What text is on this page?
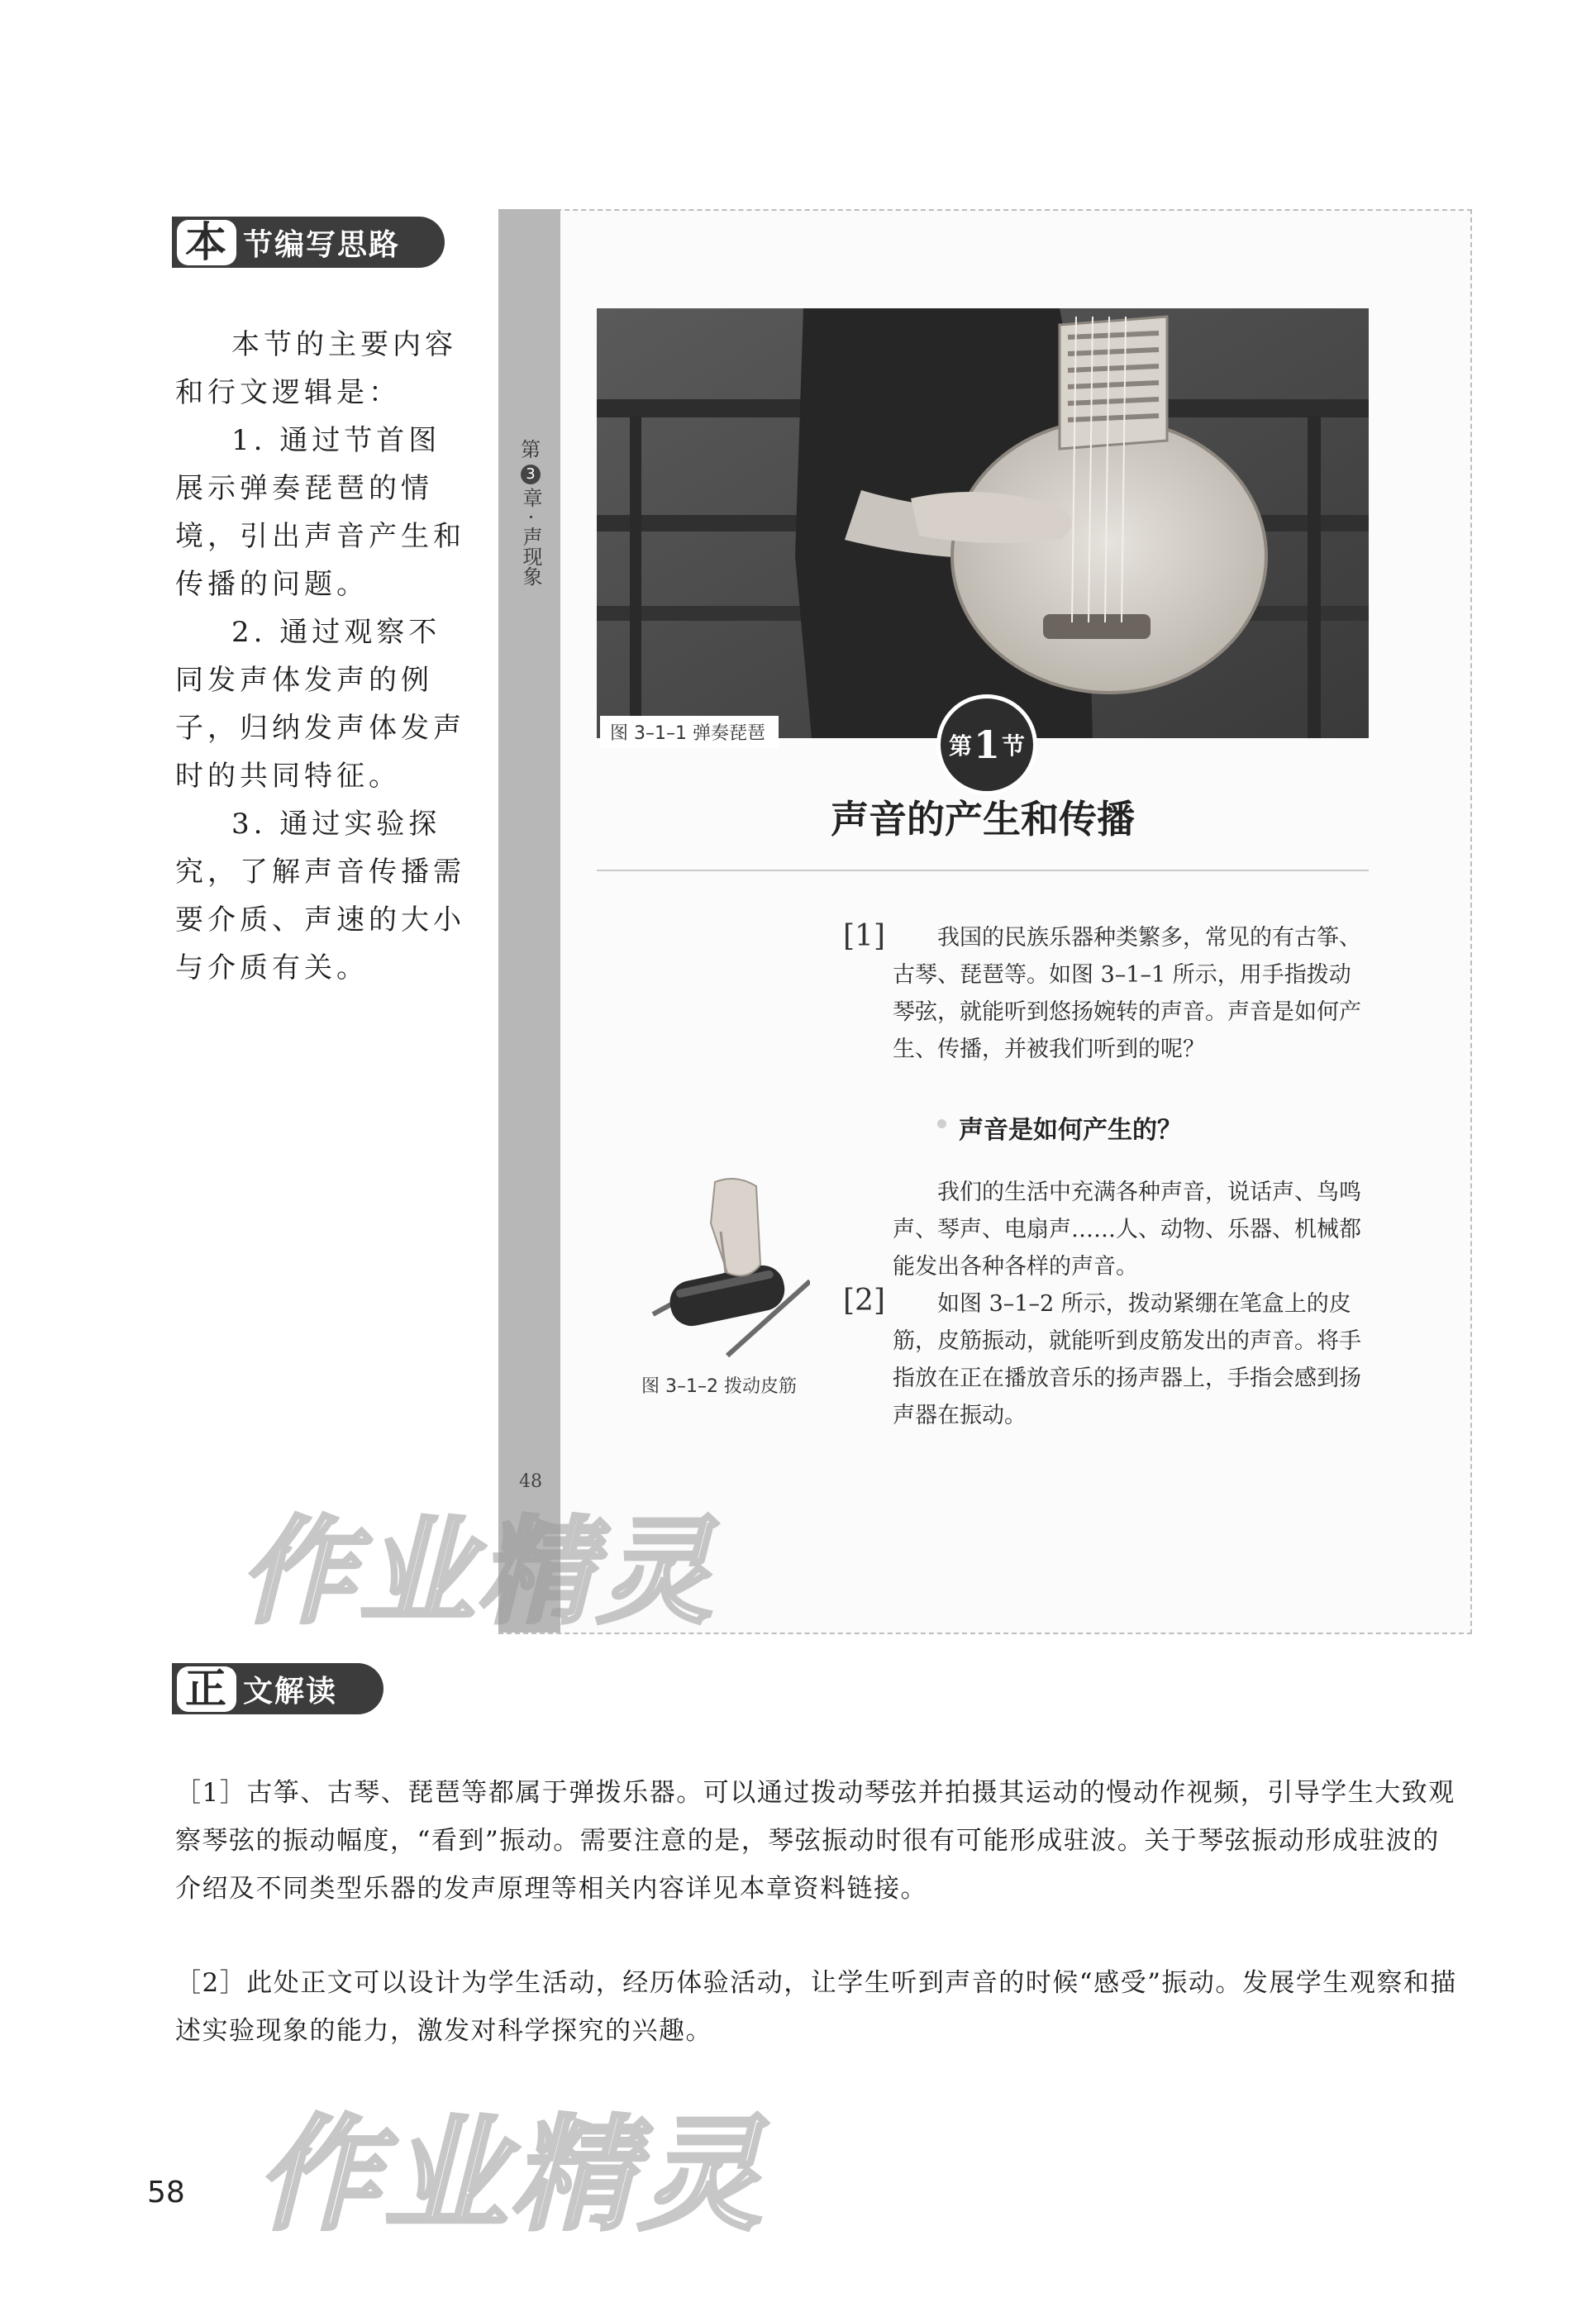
本 节编写思路

本节的主要内容和行文逻辑是：

1. 通过节首图展示弹奏琵琶的情境，引出声音产生和传播的问题。

2. 通过观察不同发声体发声的例子，归纳发声体发声时的共同特征。

3. 通过实验探究，了解声音传播需要介质、声速的大小与介质有关。

第
3
章 · 声现象
48
图 3–1–1 弹奏琵琶	第 1 节
声音的产生和传播
[1]	我国的民族乐器种类繁多，常见的有古筝、古琴、琵琶等。如图 3–1–1 所示，用手指拨动琴弦，就能听到悠扬婉转的声音。声音是如何产生、传播，并被我们听到的呢？

声音是如何产生的？

我们的生活中充满各种声音，说话声、鸟鸣声、琴声、电扇声……人、动物、乐器、机械都能发出各种各样的声音。

[2]	如图 3–1–2 所示，拨动紧绷在笔盒上的皮筋，皮筋振动，就能听到皮筋发出的声音。将手指放在正在播放音乐的扬声器上，手指会感到扬声器在振动。

图 3–1–2 拨动皮筋
作业精灵
正 文解读

［1］古筝、古琴、琵琶等都属于弹拨乐器。可以通过拨动琴弦并拍摄其运动的慢动作视频，引导学生大致观察琴弦的振动幅度，“看到”振动。需要注意的是，琴弦振动时很有可能形成驻波。关于琴弦振动形成驻波的介绍及不同类型乐器的发声原理等相关内容详见本章资料链接。

［2］此处正文可以设计为学生活动，经历体验活动，让学生听到声音的时候“感受”振动。发展学生观察和描述实验现象的能力，激发对科学探究的兴趣。

作业精灵
58
